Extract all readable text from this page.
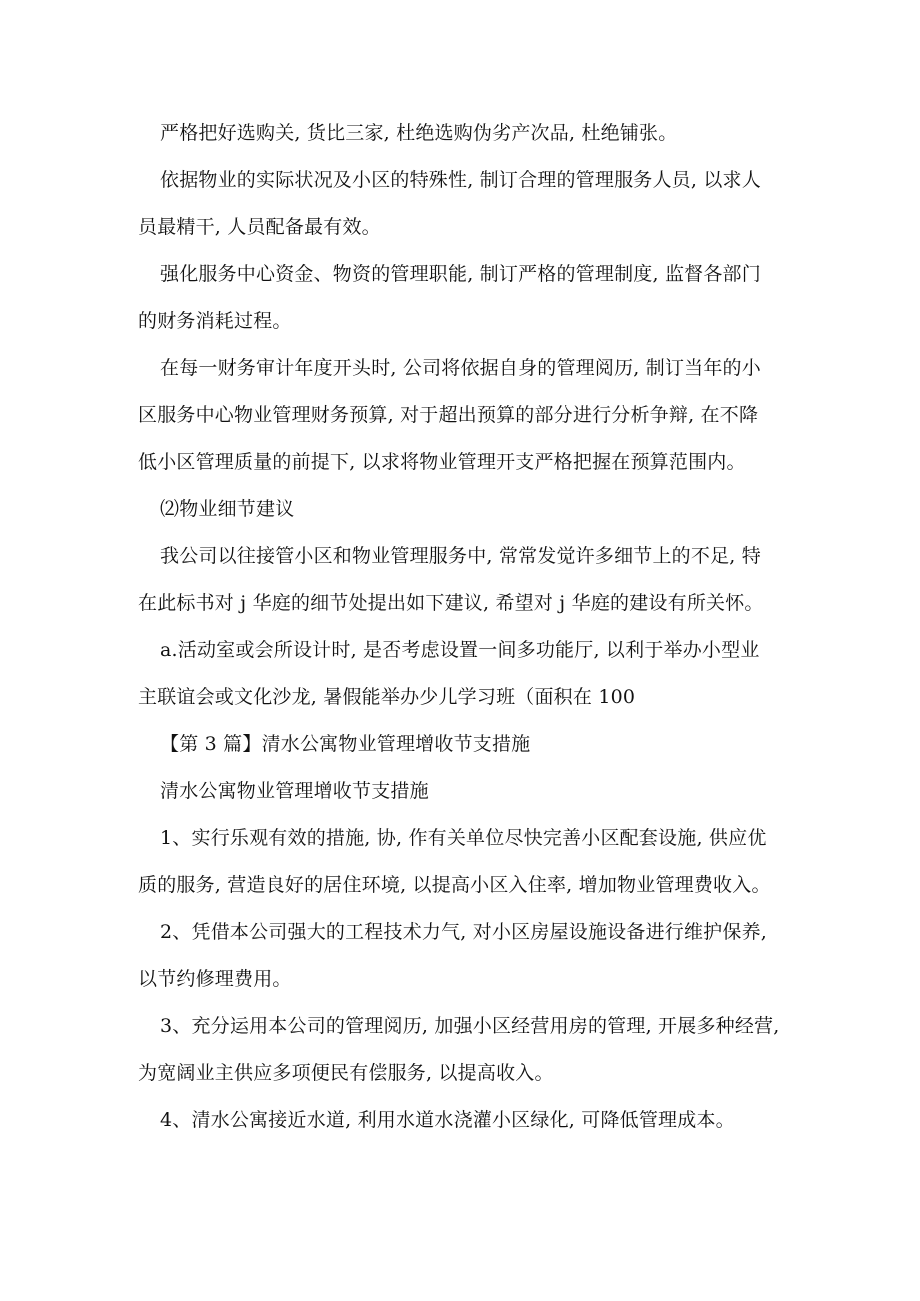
严格把好选购关, 货比三家, 杜绝选购伪劣产次品, 杜绝铺张。

依据物业的实际状况及小区的特殊性, 制订合理的管理服务人员, 以求人
员最精干, 人员配备最有效。

强化服务中心资金、物资的管理职能, 制订严格的管理制度, 监督各部门
的财务消耗过程。

在每一财务审计年度开头时, 公司将依据自身的管理阅历, 制订当年的小
区服务中心物业管理财务预算, 对于超出预算的部分进行分析争辩, 在不降
低小区管理质量的前提下, 以求将物业管理开支严格把握在预算范围内。

⑵物业细节建议

我公司以往接管小区和物业管理服务中, 常常发觉许多细节上的不足, 特
在此标书对 j 华庭的细节处提出如下建议, 希望对 j 华庭的建设有所关怀。

a.活动室或会所设计时, 是否考虑设置一间多功能厅, 以利于举办小型业
主联谊会或文化沙龙, 暑假能举办少儿学习班（面积在 100

【第 3 篇】清水公寓物业管理增收节支措施

清水公寓物业管理增收节支措施

1、实行乐观有效的措施, 协, 作有关单位尽快完善小区配套设施, 供应优
质的服务, 营造良好的居住环境, 以提高小区入住率, 增加物业管理费收入。

2、凭借本公司强大的工程技术力气, 对小区房屋设施设备进行维护保养,
以节约修理费用。

3、充分运用本公司的管理阅历, 加强小区经营用房的管理, 开展多种经营,
为宽阔业主供应多项便民有偿服务, 以提高收入。

4、清水公寓接近水道, 利用水道水浇灌小区绿化, 可降低管理成本。
